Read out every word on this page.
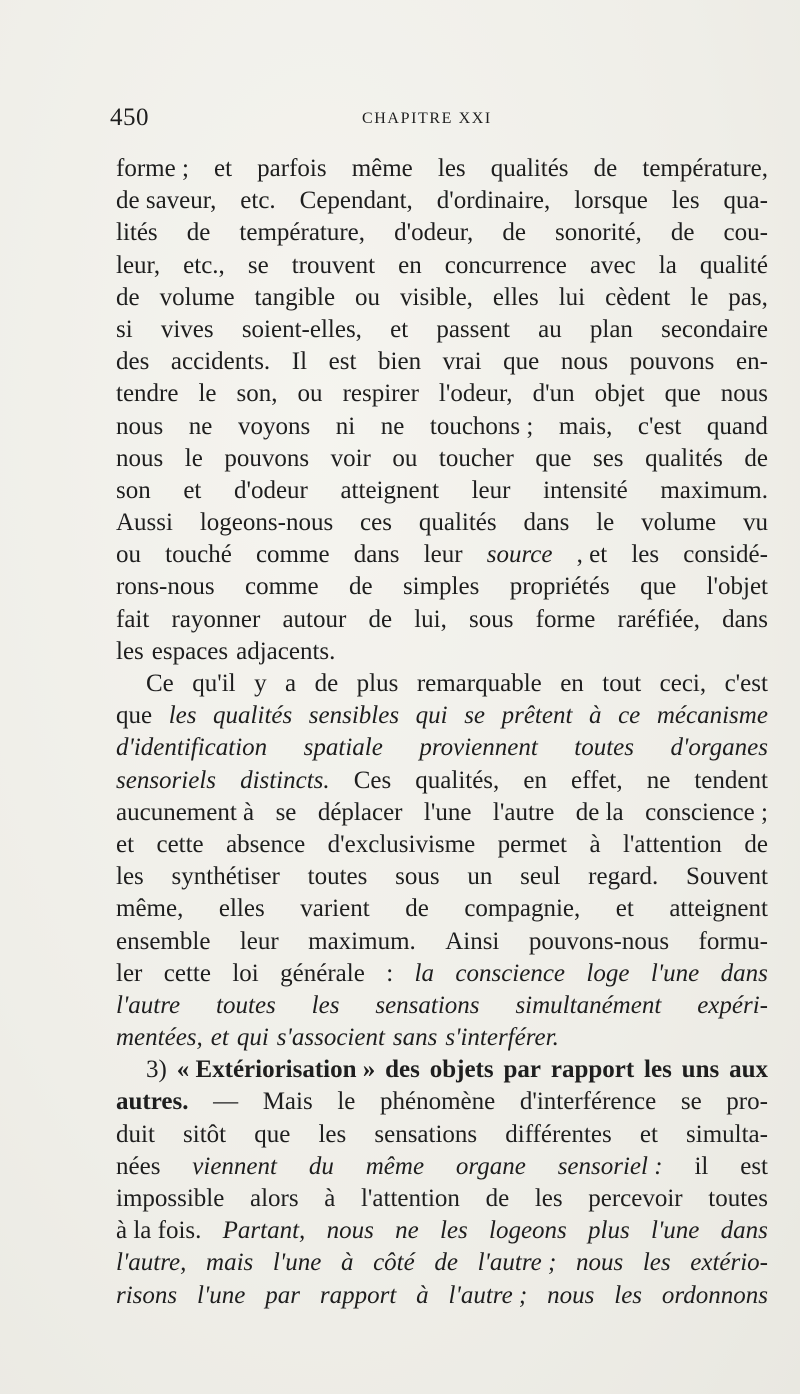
450	CHAPITRE XXI
forme ; et parfois même les qualités de température,
de saveur, etc. Cependant, d'ordinaire, lorsque les qua-
lités de température, d'odeur, de sonorité, de cou-
leur, etc., se trouvent en concurrence avec la qualité
de volume tangible ou visible, elles lui cèdent le pas,
si vives soient-elles, et passent au plan secondaire
des accidents. Il est bien vrai que nous pouvons en-
tendre le son, ou respirer l'odeur, d'un objet que nous
nous ne voyons ni ne touchons ; mais, c'est quand
nous le pouvons voir ou toucher que ses qualités de
son et d'odeur atteignent leur intensité maximum.
Aussi logeons-nous ces qualités dans le volume vu
ou touché comme dans leur source , et les considé-
rons-nous comme de simples propriétés que l'objet
fait rayonner autour de lui, sous forme raréfiée, dans
les espaces adjacents.
Ce qu'il y a de plus remarquable en tout ceci, c'est
que les qualités sensibles qui se prêtent à ce mécanisme
d'identification spatiale proviennent toutes d'organes
sensoriels distincts. Ces qualités, en effet, ne tendent
aucunement à se déplacer l'une l'autre de la conscience ;
et cette absence d'exclusivisme permet à l'attention de
les synthétiser toutes sous un seul regard. Souvent
même, elles varient de compagnie, et atteignent
ensemble leur maximum. Ainsi pouvons-nous formu-
ler cette loi générale : la conscience loge l'une dans
l'autre toutes les sensations simultanément expéri-
mentées, et qui s'associent sans s'interférer.
3) « Extériorisation » des objets par rapport les uns aux
autres. — Mais le phénomène d'interférence se pro-
duit sitôt que les sensations différentes et simulta-
nées viennent du même organe sensoriel : il est
impossible alors à l'attention de les percevoir toutes
à la fois. Partant, nous ne les logeons plus l'une dans
l'autre, mais l'une à côté de l'autre ; nous les extério-
risons l'une par rapport à l'autre ; nous les ordonnons
